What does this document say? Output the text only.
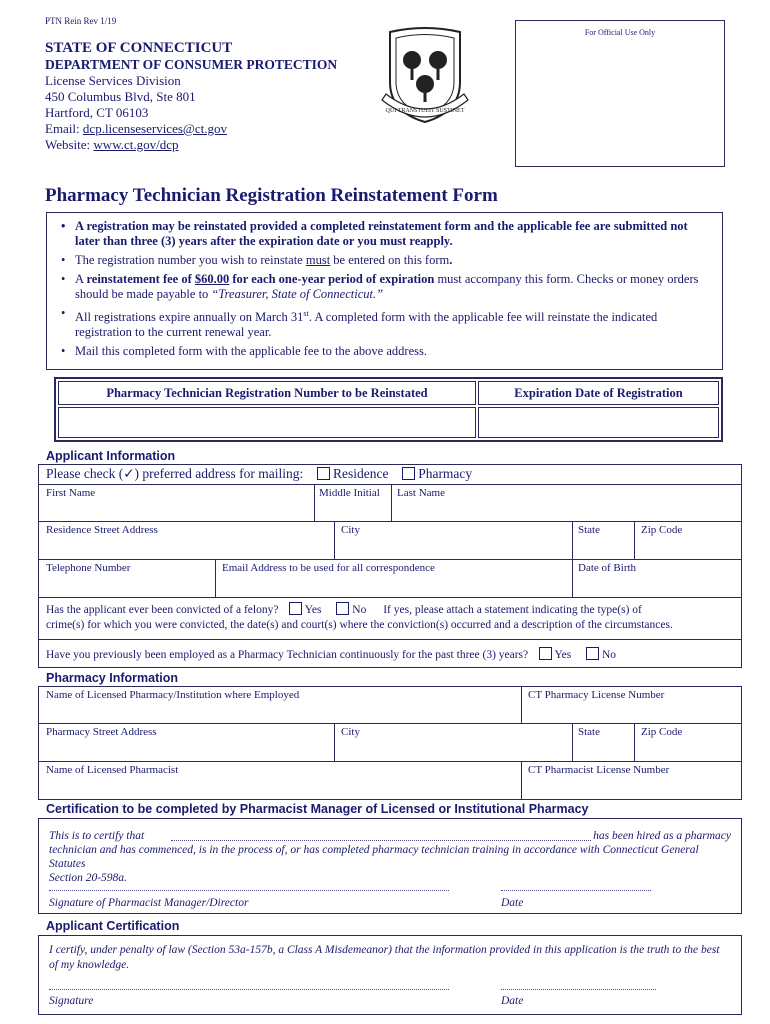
PTN Rein Rev 1/19
STATE OF CONNECTICUT
DEPARTMENT OF CONSUMER PROTECTION
License Services Division
450 Columbus Blvd, Ste 801
Hartford, CT 06103
Email: dcp.licenseservices@ct.gov
Website: www.ct.gov/dcp
QUI TRANSTULIT SUSTINET
For Official Use Only
Pharmacy Technician Registration Reinstatement Form
• A registration may be reinstated provided a completed reinstatement form and the applicable fee are submitted not later than three (3) years after the expiration date or you must reapply.
• The registration number you wish to reinstate must be entered on this form.
• A reinstatement fee of $60.00 for each one-year period of expiration must accompany this form. Checks or money orders should be made payable to “Treasurer, State of Connecticut.”
• All registrations expire annually on March 31st. A completed form with the applicable fee will reinstate the indicated registration to the current renewal year.
• Mail this completed form with the applicable fee to the above address.
Pharmacy Technician Registration Number to be Reinstated	Expiration Date of Registration
Applicant Information
Please check (✓) preferred address for mailing: Residence Pharmacy
First Name	Middle Initial Last Name
Residence Street Address	City	State	Zip Code
Telephone Number	Email Address to be used for all correspondence	Date of Birth
Has the applicant ever been convicted of a felony? Yes	No If yes, please attach a statement indicating the type(s) of
crime(s) for which you were convicted, the date(s) and court(s) where the conviction(s) occurred and a description of the circumstances.
Have you previously been employed as a Pharmacy Technician continuously for the past three (3) years? Yes	No
Pharmacy Information
Name of Licensed Pharmacy/Institution where Employed	CT Pharmacy License Number
Pharmacy Street Address	City	State	Zip Code
Name of Licensed Pharmacist	CT Pharmacist License Number
Certification to be completed by Pharmacist Manager of Licensed or Institutional Pharmacy
This is to certify that	has been hired as a pharmacy
technician and has commenced, is in the process of, or has completed pharmacy technician training in accordance with Connecticut General Statutes
Section 20-598a.
Signature of Pharmacist Manager/Director	Date
Applicant Certification
I certify, under penalty of law (Section 53a-157b, a Class A Misdemeanor) that the information provided in this application is the truth to the best of my knowledge.
Signature	Date
